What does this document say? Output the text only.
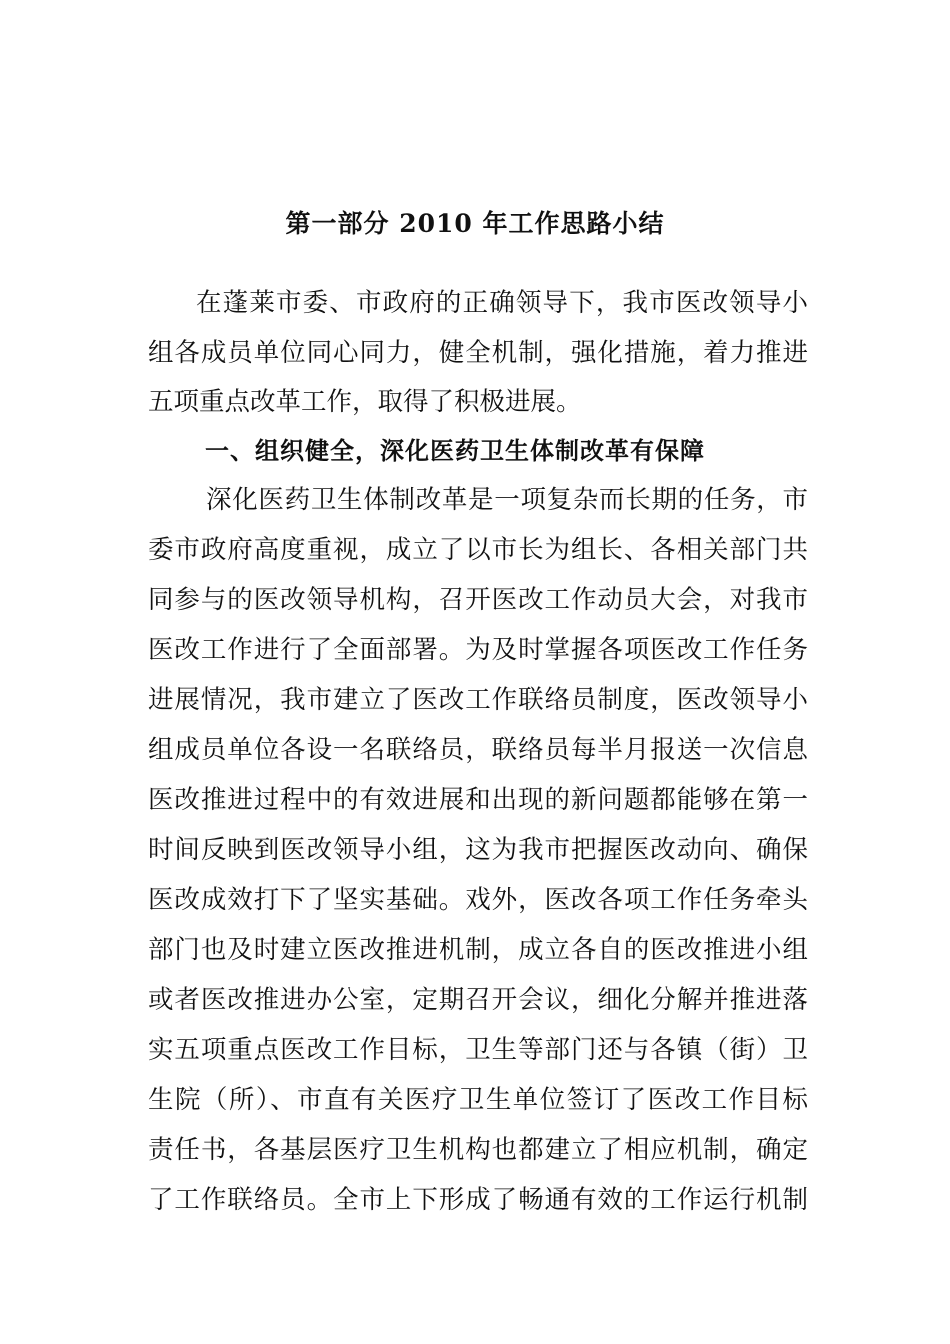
第一部分 2010 年工作思路小结
在蓬莱市委、市政府的正确领导下，我市医改领导小
组各成员单位同心同力，健全机制，强化措施，着力推进
五项重点改革工作，取得了积极进展。
一、组织健全，深化医药卫生体制改革有保障
深化医药卫生体制改革是一项复杂而长期的任务，市
委市政府高度重视，成立了以市长为组长、各相关部门共
同参与的医改领导机构，召开医改工作动员大会，对我市
医改工作进行了全面部署。为及时掌握各项医改工作任务
进展情况，我市建立了医改工作联络员制度，医改领导小
组成员单位各设一名联络员，联络员每半月报送一次信息
医改推进过程中的有效进展和出现的新问题都能够在第一
时间反映到医改领导小组，这为我市把握医改动向、确保
医改成效打下了坚实基础。戏外，医改各项工作任务牵头
部门也及时建立医改推进机制，成立各自的医改推进小组
或者医改推进办公室，定期召开会议，细化分解并推进落
实五项重点医改工作目标，卫生等部门还与各镇（街）卫
生院（所）、市直有关医疗卫生单位签订了医改工作目标
责任书，各基层医疗卫生机构也都建立了相应机制，确定
了工作联络员。全市上下形成了畅通有效的工作运行机制
